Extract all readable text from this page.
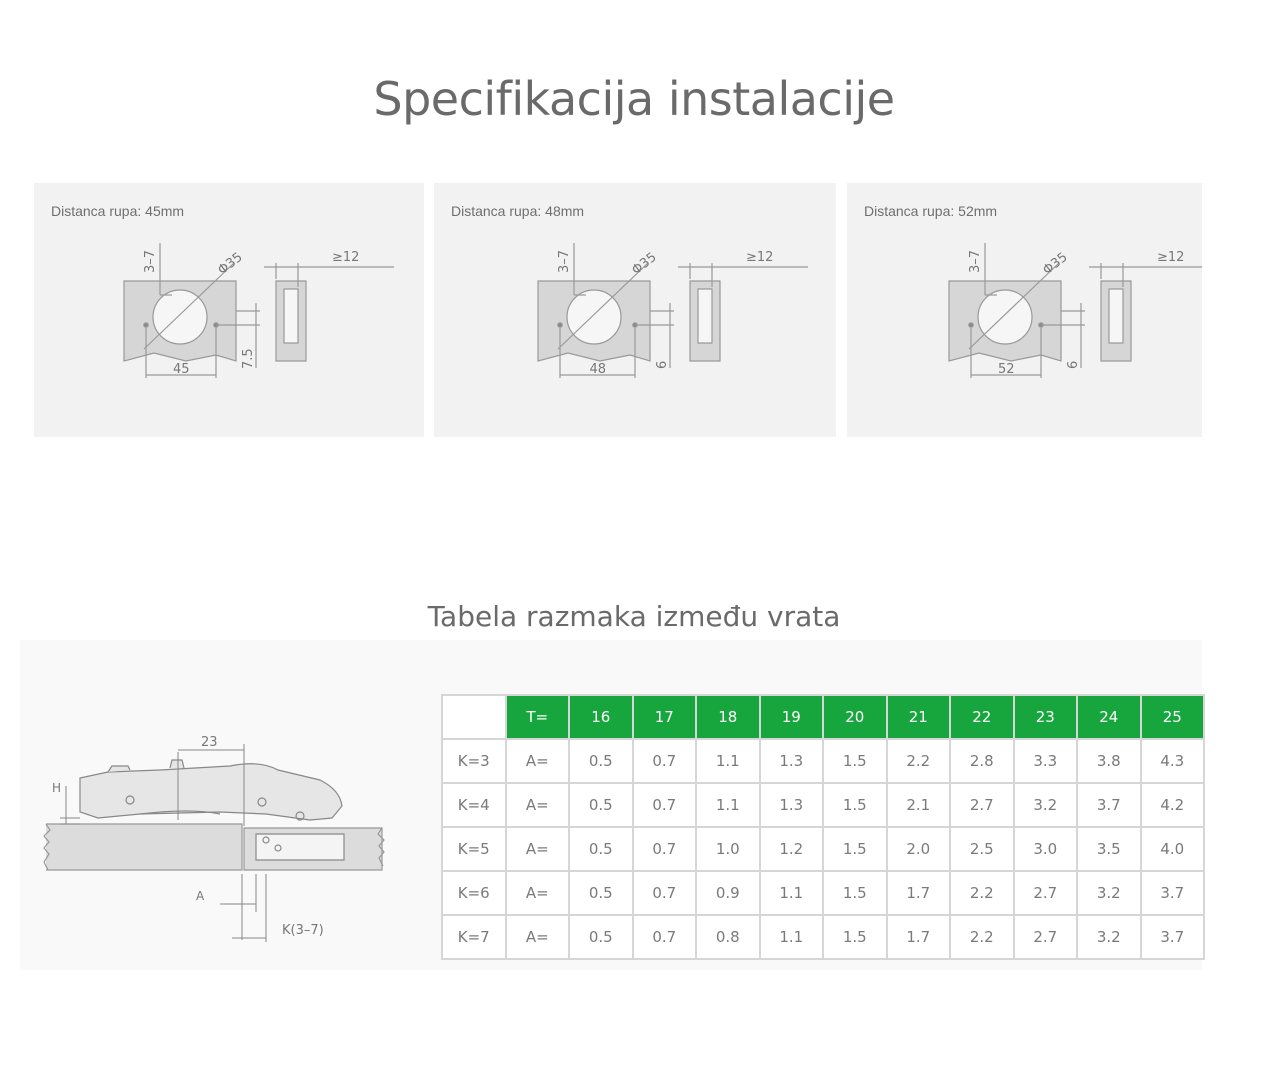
Specifikacija instalacije
Distanca rupa: 45mm
3–7	Φ35	≥12
45
7.5
Distanca rupa: 48mm
3–7	Φ35	≥12
48	6
Distanca rupa: 52mm
3–7	Φ35	≥12
52	6
Tabela razmaka između vrata
23
H
A
K(3–7)
	T=	16	17	18	19	20	21	22	23	24	25
K=3	A=	0.5	0.7	1.1	1.3	1.5	2.2	2.8	3.3	3.8	4.3
K=4	A=	0.5	0.7	1.1	1.3	1.5	2.1	2.7	3.2	3.7	4.2
K=5	A=	0.5	0.7	1.0	1.2	1.5	2.0	2.5	3.0	3.5	4.0
K=6	A=	0.5	0.7	0.9	1.1	1.5	1.7	2.2	2.7	3.2	3.7
K=7	A=	0.5	0.7	0.8	1.1	1.5	1.7	2.2	2.7	3.2	3.7
